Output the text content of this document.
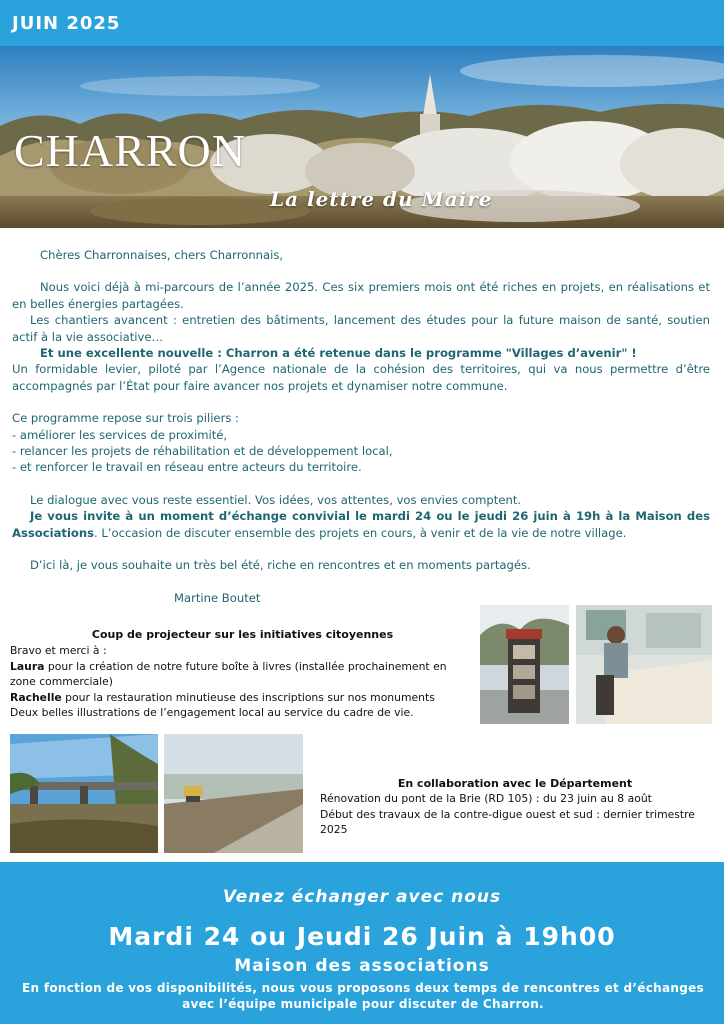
JUIN 2025
CHARRON
La lettre du Maire

Chères Charronnaises, chers Charronnais,

Nous voici déjà à mi-parcours de l’année 2025. Ces six premiers mois ont été riches en projets, en réalisations et en belles énergies partagées.

Les chantiers avancent : entretien des bâtiments, lancement des études pour la future maison de santé, soutien actif à la vie associative…

Et une excellente nouvelle : Charron a été retenue dans le programme "Villages d’avenir" !

Un formidable levier, piloté par l’Agence nationale de la cohésion des territoires, qui va nous permettre d’être accompagnés par l’État pour faire avancer nos projets et dynamiser notre commune.

Ce programme repose sur trois piliers :

- améliorer les services de proximité,

- relancer les projets de réhabilitation et de développement local,

- et renforcer le travail en réseau entre acteurs du territoire.

Le dialogue avec vous reste essentiel. Vos idées, vos attentes, vos envies comptent.

Je vous invite à un moment d’échange convivial le mardi 24 ou le jeudi 26 juin à 19h à la Maison des Associations. L’occasion de discuter ensemble des projets en cours, à venir et de la vie de notre village.

D’ici là, je vous souhaite un très bel été, riche en rencontres et en moments partagés.

Martine Boutet

Coup de projecteur sur les initiatives citoyennes

Bravo et merci à :

Laura pour la création de notre future boîte à livres (installée prochainement en zone commerciale)

Rachelle pour la restauration minutieuse des inscriptions sur nos monuments

Deux belles illustrations de l’engagement local au service du cadre de vie.

En collaboration avec le Département

Rénovation du pont de la Brie (RD 105) : du 23 juin au 8 août

Début des travaux de la contre-digue ouest et sud : dernier trimestre 2025

Venez échanger avec nous
Mardi 24 ou Jeudi 26 Juin à 19h00
Maison des associations
En fonction de vos disponibilités, nous vous proposons deux temps de rencontres et d’échanges avec l’équipe municipale pour discuter de Charron.
